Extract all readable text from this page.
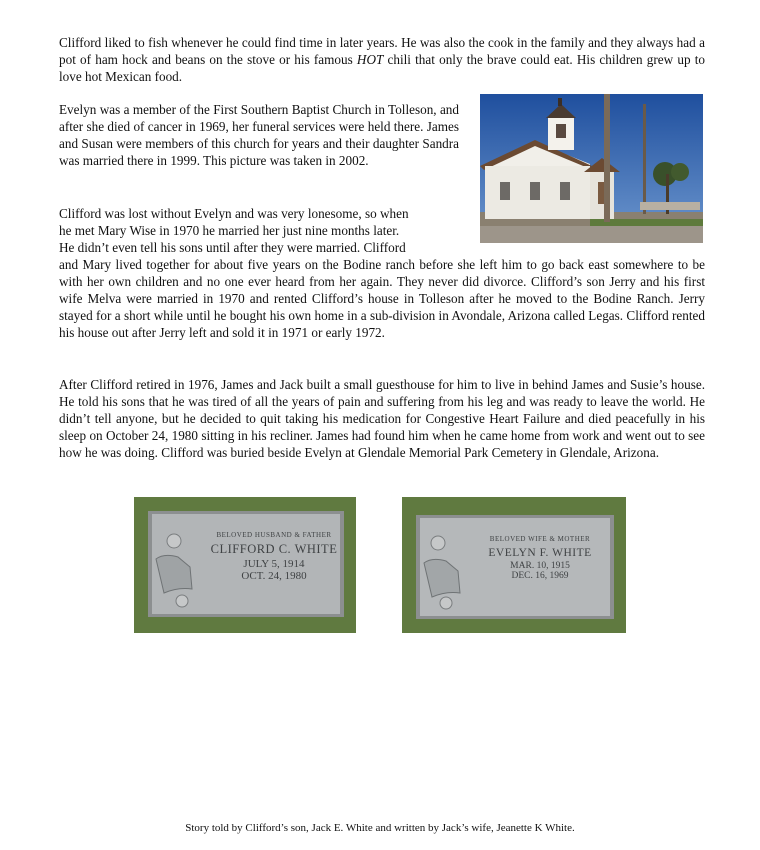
Clifford liked to fish whenever he could find time in later years. He was also the cook in the family and they always had a pot of ham hock and beans on the stove or his famous HOT chili that only the brave could eat. His children grew up to love hot Mexican food.

Evelyn was a member of the First Southern Baptist Church in Tolleson, and after she died of cancer in 1969, her funeral services were held there. James and Susan were members of this church for years and their daughter Sandra was married there in 1999. This picture was taken in 2002.

Clifford was lost without Evelyn and was very lonesome, so when

he met Mary Wise in 1970 he married her just nine months later.

He didn’t even tell his sons until after they were married. Clifford

and Mary lived together for about five years on the Bodine ranch before she left him to go back east somewhere to be with her own children and no one ever heard from her again. They never did divorce. Clifford’s son Jerry and his first wife Melva were married in 1970 and rented Clifford’s house in Tolleson after he moved to the Bodine Ranch. Jerry stayed for a short while until he bought his own home in a sub-division in Avondale, Arizona called Legas. Clifford rented his house out after Jerry left and sold it in 1971 or early 1972.

After Clifford retired in 1976, James and Jack built a small guesthouse for him to live in behind James and Susie’s house. He told his sons that he was tired of all the years of pain and suffering from his leg and was ready to leave the world. He didn’t tell anyone, but he decided to quit taking his medication for Congestive Heart Failure and died peacefully in his sleep on October 24, 1980 sitting in his recliner. James had found him when he came home from work and went out to see how he was doing. Clifford was buried beside Evelyn at Glendale Memorial Park Cemetery in Glendale, Arizona.

BELOVED HUSBAND & FATHER
CLIFFORD C. WHITE
JULY 5, 1914
OCT. 24, 1980
BELOVED WIFE & MOTHER
EVELYN F. WHITE
MAR. 10, 1915
DEC. 16, 1969
Story told by Clifford’s son, Jack E. White and written by Jack’s wife, Jeanette K White.
